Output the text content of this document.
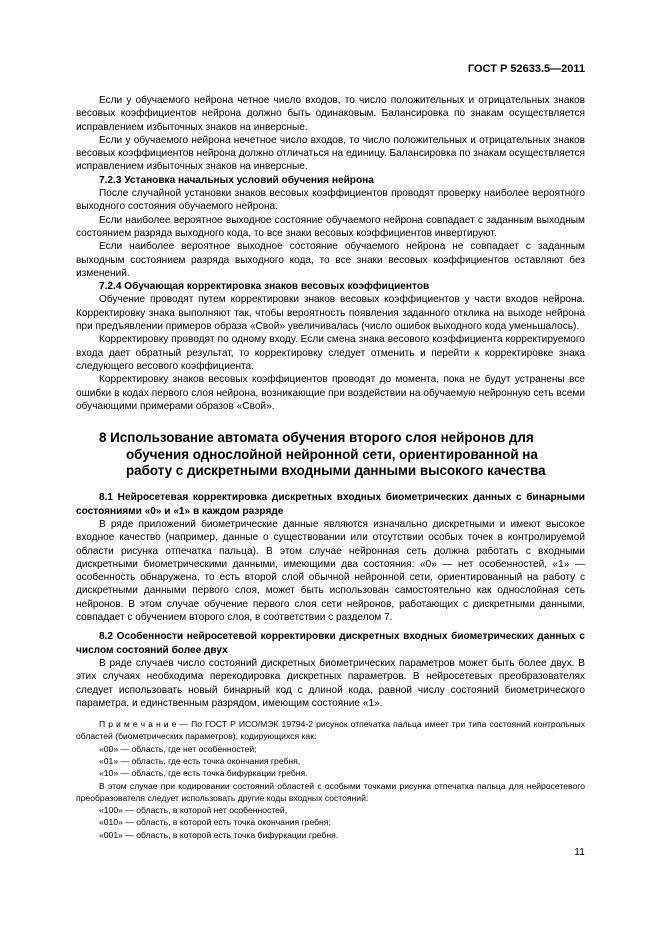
ГОСТ Р 52633.5—2011

Если у обучаемого нейрона четное число входов, то число положительных и отрицательных знаков весовых коэффициентов нейрона должно быть одинаковым. Балансировка по знакам осуществляется исправлением избыточных знаков на инверсные.

Если у обучаемого нейрона нечетное число входов, то число положительных и отрицательных знаков весовых коэффициентов нейрона должно отличаться на единицу. Балансировка по знакам осуществляется исправлением избыточных знаков на инверсные.

7.2.3 Установка начальных условий обучения нейрона

После случайной установки знаков весовых коэффициентов проводят проверку наиболее вероятного выходного состояния обучаемого нейрона.

Если наиболее вероятное выходное состояние обучаемого нейрона совпадает с заданным выходным состоянием разряда выходного кода, то все знаки весовых коэффициентов инвертируют.

Если наиболее вероятное выходное состояние обучаемого нейрона не совпадает с заданным выходным состоянием разряда выходного кода, то все знаки весовых коэффициентов оставляют без изменений.

7.2.4 Обучающая корректировка знаков весовых коэффициентов

Обучение проводят путем корректировки знаков весовых коэффициентов у части входов нейрона. Корректировку знака выполняют так, чтобы вероятность появления заданного отклика на выходе нейрона при предъявлении примеров образа «Свой» увеличивалась (число ошибок выходного кода уменьшалось).

Корректировку проводят по одному входу. Если смена знака весового коэффициента корректируемого входа дает обратный результат, то корректировку следует отменить и перейти к корректировке знака следующего весового коэффициента.

Корректировку знаков весовых коэффициентов проводят до момента, пока не будут устранены все ошибки в кодах первого слоя нейрона, возникающие при воздействии на обучаемую нейронную сеть всеми обучающими примерами образов «Свой».

8 Использование автомата обучения второго слоя нейронов для обучения однослойной нейронной сети, ориентированной на работу с дискретными входными данными высокого качества
8.1 Нейросетевая корректировка дискретных входных биометрических данных с бинарными состояниями «0» и «1» в каждом разряде

В ряде приложений биометрические данные являются изначально дискретными и имеют высокое входное качество (например, данные о существовании или отсутствии особых точек в контролируемой области рисунка отпечатка пальца). В этом случае нейронная сеть должна работать с входными дискретными биометрическими данными, имеющими два состояния: «0» — нет особенностей, «1» — особенность обнаружена, то есть второй слой обычной нейронной сети, ориентированный на работу с дискретными данными первого слоя, может быть использован самостоятельно как однослойная сеть нейронов. В этом случае обучение первого слоя сети нейронов, работающих с дискретными данными, совпадает с обучением второго слоя, в соответствии с разделом 7.

8.2 Особенности нейросетевой корректировки дискретных входных биометрических данных с числом состояний более двух

В ряде случаев число состояний дискретных биометрических параметров может быть более двух. В этих случаях необходима перекодировка дискретных параметров. В нейросетевых преобразователях следует использовать новый бинарный код с длиной кода, равной числу состояний биометрического параметра, и единственным разрядом, имеющим состояние «1».

П р и м е ч а н и е — По ГОСТ Р ИСО/МЭК 19794-2 рисунок отпечатка пальца имеет три типа состояний контрольных областей (биометрических параметров), кодирующихся как:

«00» — область, где нет особенностей;

«01» — область, где есть точка окончания гребня,

«10» — область, где есть точка бифуркации гребня.

В этом случае при кодировании состояний областей с особыми точками рисунка отпечатка пальца для нейросетевого преобразователя следует использовать другие коды входных состояний:

«100» — область, в которой нет особенностей,

«010» — область, в которой есть точка окончания гребня;

«001» — область, в которой есть точка бифуркации гребня.

11
